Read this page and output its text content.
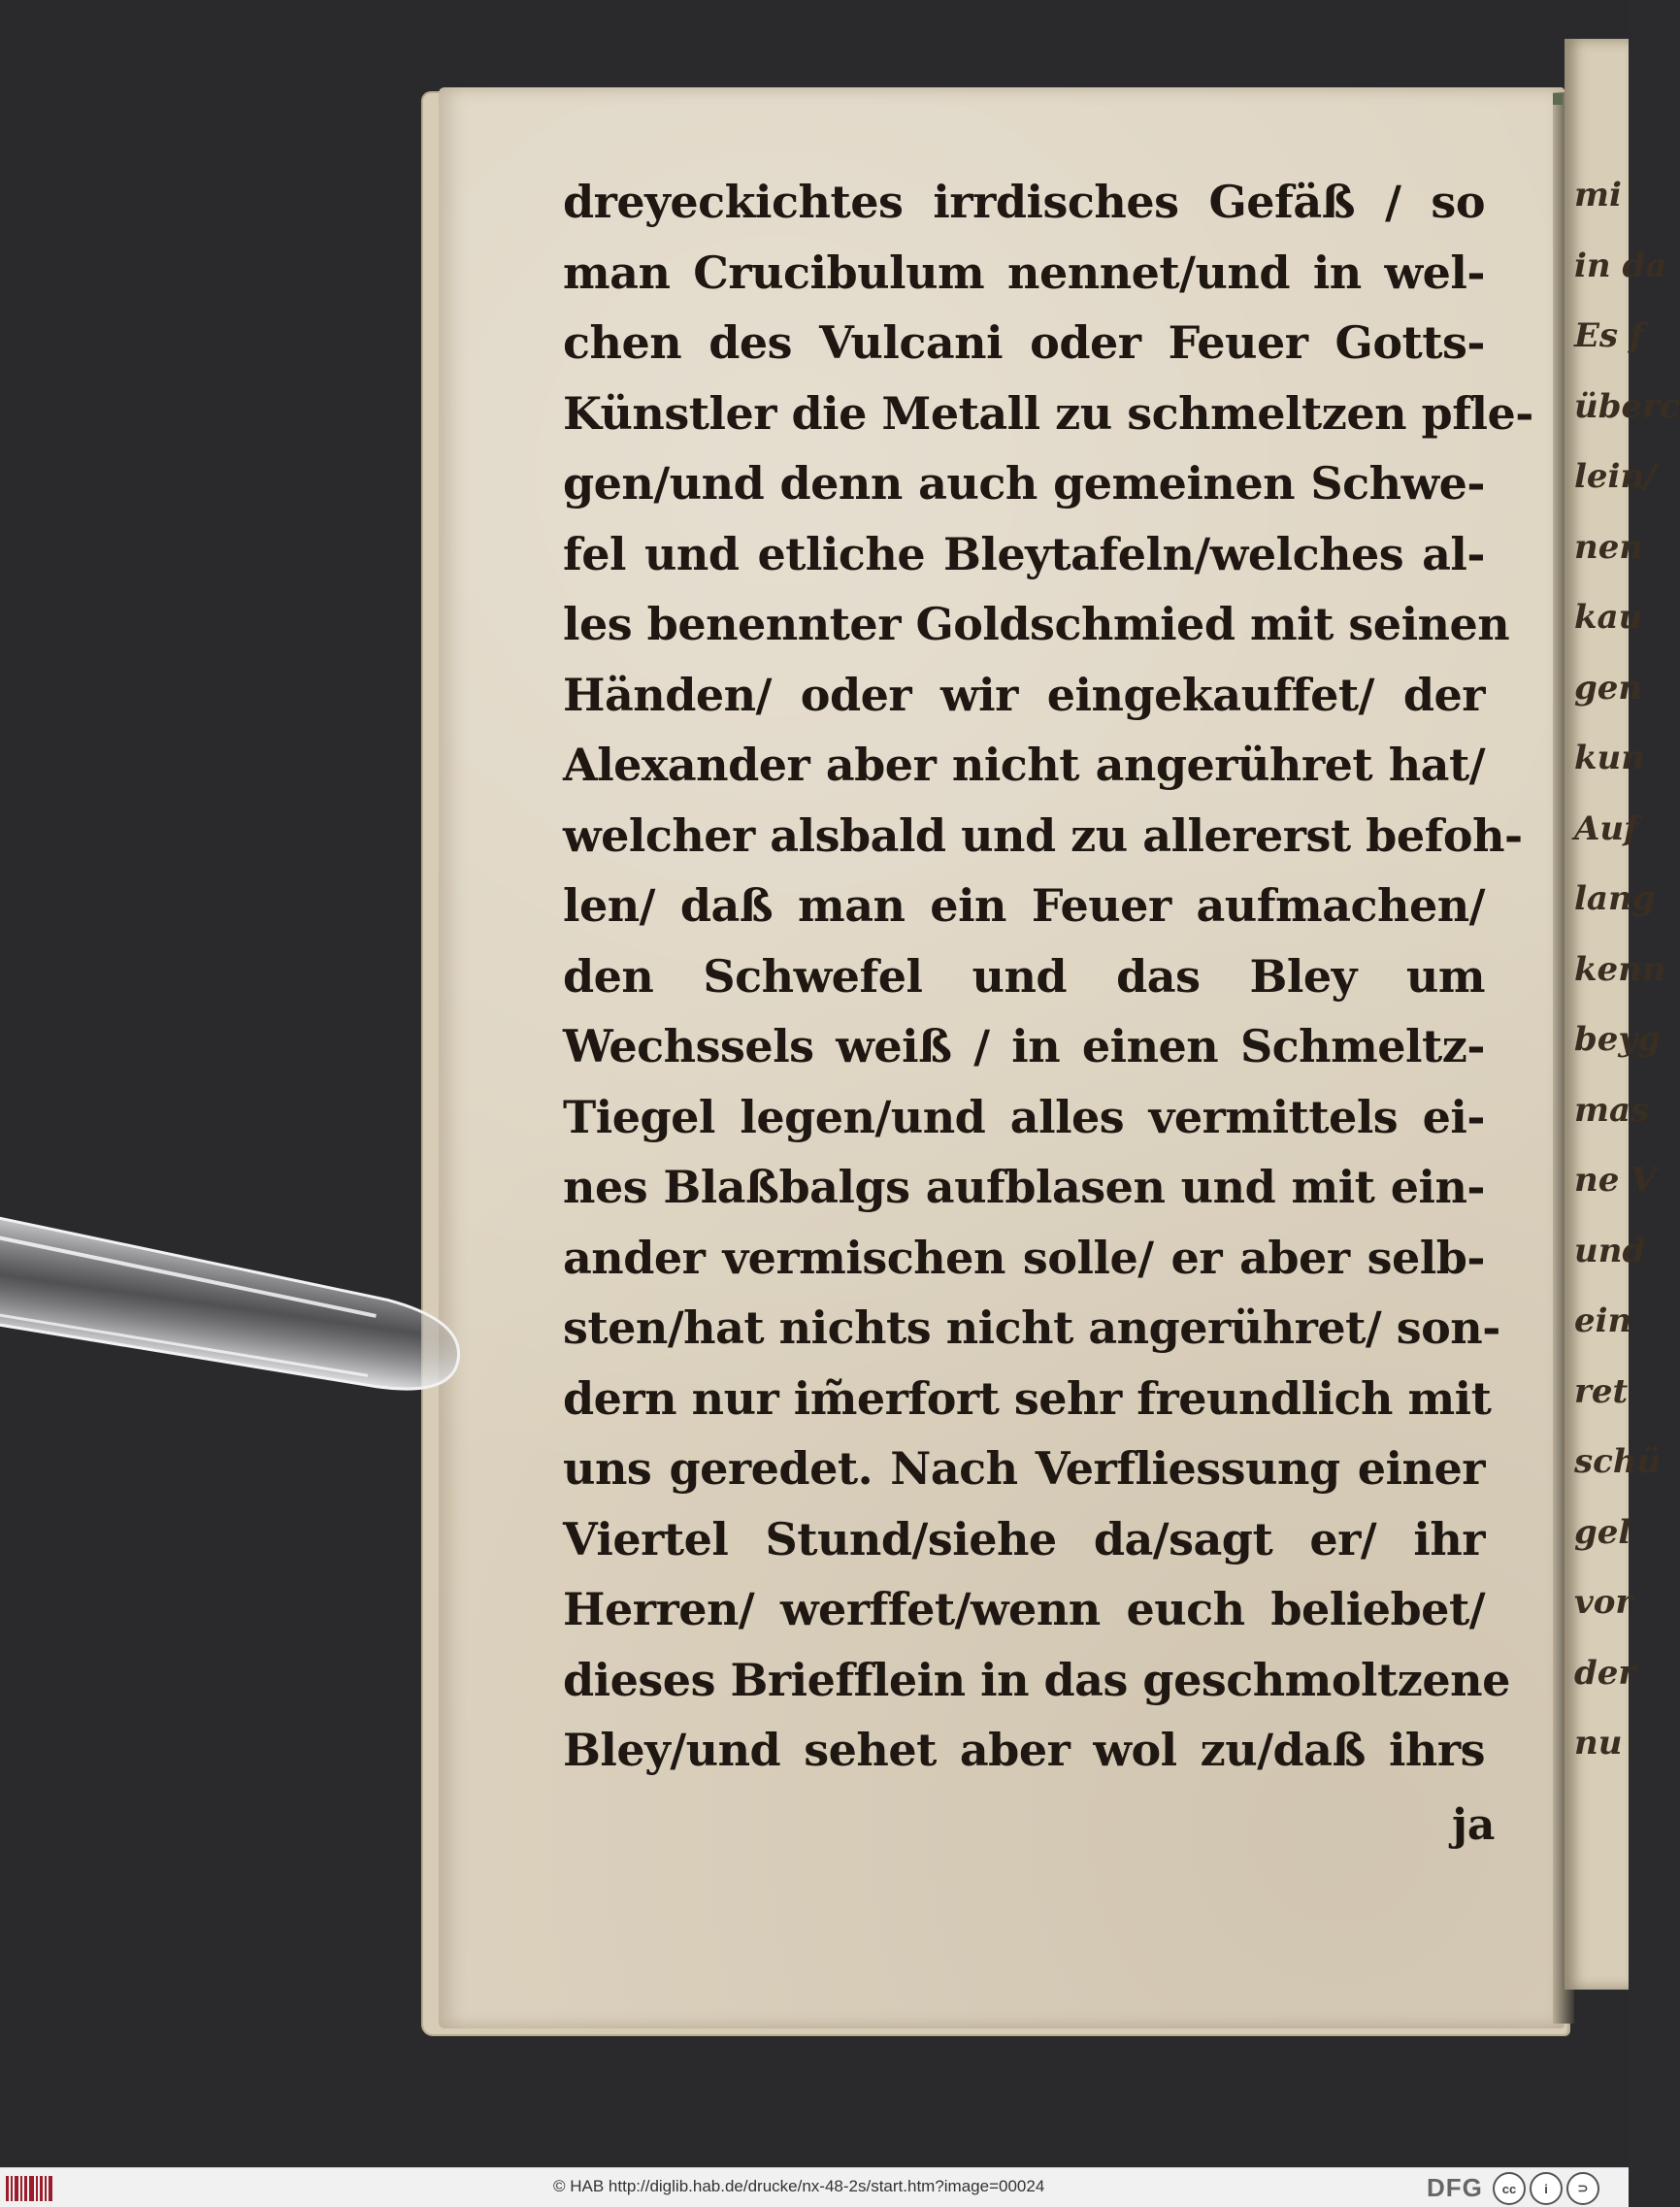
mi
in da
Es f
überc
lein/
nen
kau
gen
kun
Auf
lang
kenn
beyg
mas
ne V
und
ein
ret
schü
gel
vor
der
nu
dreyeckichtes irrdisches Gefäß / so
man Crucibulum nennet/und in wel-
chen des Vulcani oder Feuer Gotts-
Künstler die Metall zu schmeltzen pfle-
gen/und denn auch gemeinen Schwe-
fel und etliche Bleytafeln/welches al-
les benennter Goldschmied mit seinen
Händen/ oder wir eingekauffet/ der
Alexander aber nicht angerühret hat/
welcher alsbald und zu allererst befoh-
len/ daß man ein Feuer aufmachen/
den Schwefel und das Bley um
Wechssels weiß / in einen Schmeltz-
Tiegel legen/und alles vermittels ei-
nes Blaßbalgs aufblasen und mit ein-
ander vermischen solle/ er aber selb-
sten/hat nichts nicht angerühret/ son-
dern nur im̃erfort sehr freundlich mit
uns geredet. Nach Verfliessung einer
Viertel Stund/siehe da/sagt er/ ihr
Herren/ werffet/wenn euch beliebet/
dieses Briefflein in das geschmoltzene
Bley/und sehet aber wol zu/daß ihrs
ja
© HAB http://diglib.hab.de/drucke/nx-48-2s/start.htm?image=00024	DFG	cc	i	⊃
